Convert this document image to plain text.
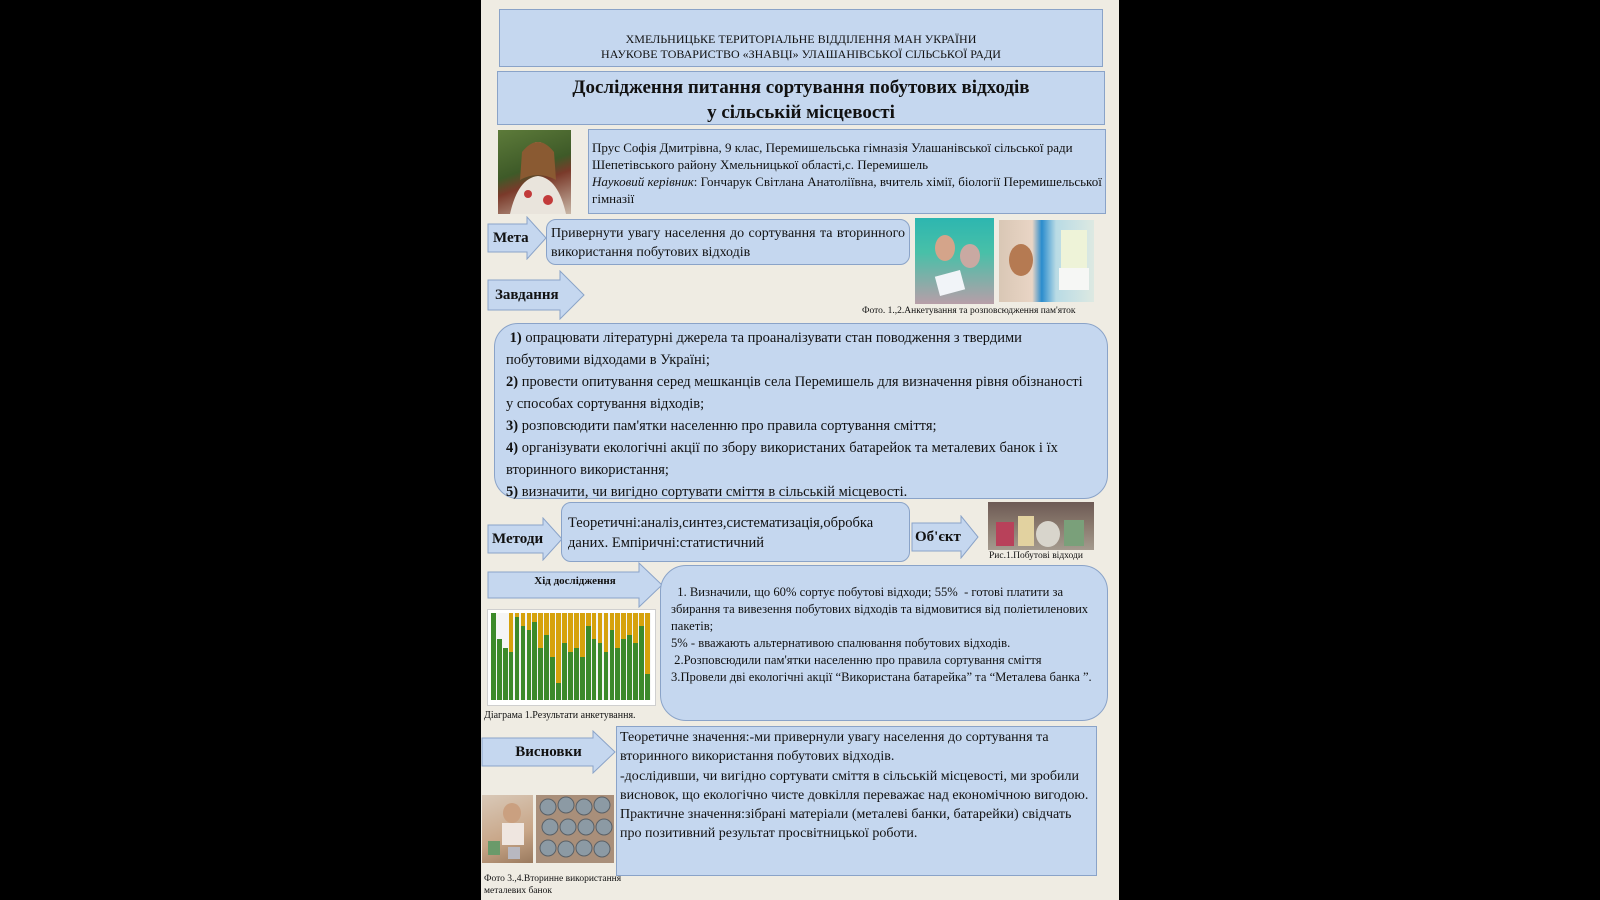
ХМЕЛЬНИЦЬКЕ ТЕРИТОРІАЛЬНЕ ВІДДІЛЕННЯ МАН УКРАЇНИ
НАУКОВЕ ТОВАРИСТВО «ЗНАВЦІ» УЛАШАНІВСЬКОЇ СІЛЬСЬКОЇ РАДИ
Дослідження питання сортування побутових відходів
у сільській місцевості
Прус Софія Дмитрівна, 9 клас, Перемишельська гімназія Улашанівської сільської ради Шепетівського району Хмельницької області,с. Перемишель
Науковий керівник: Гончарук Світлана Анатоліївна, вчитель хімії, біології Перемишельської гімназії
Мета	Привернути увагу населення до сортування та вторинного використання побутових відходів
Фото. 1.,2.Анкетування та розповсюдження пам'яток
Завдання

1) опрацювати літературні джерела та проаналізувати стан поводження з твердими побутовими відходами в Україні;

2) провести опитування серед мешканців села Перемишель для визначення рівня обізнаності у способах сортування відходів;

3) розповсюдити пам'ятки населенню про правила сортування сміття;

4) організувати екологічні акції по збору використаних батарейок та металевих банок і їх вторинного використання;

5) визначити, чи вигідно сортувати сміття в сільській місцевості.

Методи
Теоретичні:аналіз,синтез,систематизація,обробка даних. Емпіричні:статистичний	Об'єкт
Рис.1.Побутові відходи
Хід дослідження
Діаграма 1.Результати анкетування.
1. Визначили, що 60% сортує побутові відходи; 55%  - готові платити за збирання та вивезення побутових відходів та відмовитися від поліетиленових пакетів;
5% - вважають альтернативою спалювання побутових відходів.
2.Розповсюдили пам'ятки населенню про правила сортування сміття
3.Провели дві екологічні акції “Використана батарейка” та “Металева банка ”.
Висновки
Теоретичне значення:-ми привернули увагу населення до сортування та вторинного використання побутових відходів.
-дослідивши, чи вигідно сортувати сміття в сільській місцевості, ми зробили висновок, що екологічно чисте довкілля переважає над економічною вигодою.
Практичне значення:зібрані матеріали (металеві банки, батарейки) свідчать про позитивний результат просвітницької роботи.
Фото 3.,4.Вторинне використання металевих банок
